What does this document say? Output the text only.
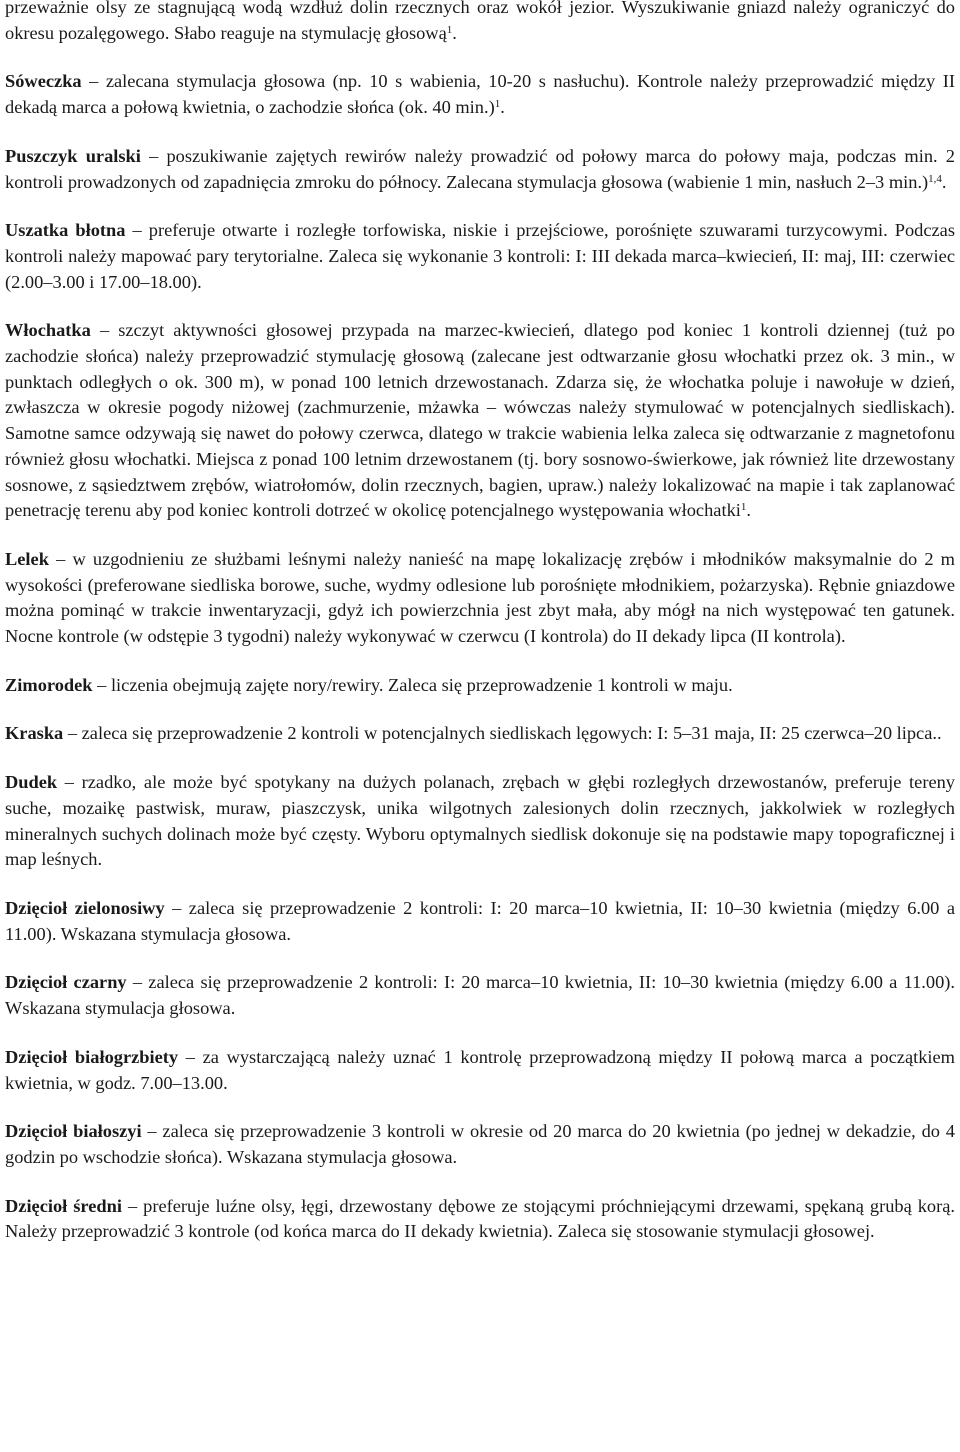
przeważnie olsy ze stagnującą wodą wzdłuż dolin rzecznych oraz wokół jezior. Wyszukiwanie gniazd należy ograniczyć do okresu pozalęgowego. Słabo reaguje na stymulację głosową$^1$.

Sóweczka – zalecana stymulacja głosowa (np. 10 s wabienia, 10-20 s nasłuchu). Kontrole należy przeprowadzić między II dekadą marca a połową kwietnia, o zachodzie słońca (ok. 40 min.)$^1$.

Puszczyk uralski – poszukiwanie zajętych rewirów należy prowadzić od połowy marca do połowy maja, podczas min. 2 kontroli prowadzonych od zapadnięcia zmroku do północy. Zalecana stymulacja głosowa (wabienie 1 min, nasłuch 2–3 min.)$^{1,4}$.

Uszatka błotna – preferuje otwarte i rozległe torfowiska, niskie i przejściowe, porośnięte szuwarami turzycowymi. Podczas kontroli należy mapować pary terytorialne. Zaleca się wykonanie 3 kontroli: I: III dekada marca–kwiecień, II: maj, III: czerwiec (2.00–3.00 i 17.00–18.00).

Włochatka – szczyt aktywności głosowej przypada na marzec-kwiecień, dlatego pod koniec 1 kontroli dziennej (tuż po zachodzie słońca) należy przeprowadzić stymulację głosową (zalecane jest odtwarzanie głosu włochatki przez ok. 3 min., w punktach odległych o ok. 300 m), w ponad 100 letnich drzewostanach. Zdarza się, że włochatka poluje i nawołuje w dzień, zwłaszcza w okresie pogody niżowej (zachmurzenie, mżawka – wówczas należy stymulować w potencjalnych siedliskach). Samotne samce odzywają się nawet do połowy czerwca, dlatego w trakcie wabienia lelka zaleca się odtwarzanie z magnetofonu również głosu włochatki. Miejsca z ponad 100 letnim drzewostanem (tj. bory sosnowo-świerkowe, jak również lite drzewostany sosnowe, z sąsiedztwem zrębów, wiatrołomów, dolin rzecznych, bagien, upraw.) należy lokalizować na mapie i tak zaplanować penetrację terenu aby pod koniec kontroli dotrzeć w okolicę potencjalnego występowania włochatki$^1$.

Lelek – w uzgodnieniu ze służbami leśnymi należy nanieść na mapę lokalizację zrębów i młodników maksymalnie do 2 m wysokości (preferowane siedliska borowe, suche, wydmy odlesione lub porośnięte młodnikiem, pożarzyska). Rębnie gniazdowe można pominąć w trakcie inwentaryzacji, gdyż ich powierzchnia jest zbyt mała, aby mógł na nich występować ten gatunek. Nocne kontrole (w odstępie 3 tygodni) należy wykonywać w czerwcu (I kontrola) do II dekady lipca (II kontrola).

Zimorodek – liczenia obejmują zajęte nory/rewiry. Zaleca się przeprowadzenie 1 kontroli w maju.

Kraska – zaleca się przeprowadzenie 2 kontroli w potencjalnych siedliskach lęgowych: I: 5–31 maja, II: 25 czerwca–20 lipca..

Dudek – rzadko, ale może być spotykany na dużych polanach, zrębach w głębi rozległych drzewostanów, preferuje tereny suche, mozaikę pastwisk, muraw, piaszczysk, unika wilgotnych zalesionych dolin rzecznych, jakkolwiek w rozległych mineralnych suchych dolinach może być częsty. Wyboru optymalnych siedlisk dokonuje się na podstawie mapy topograficznej i map leśnych.

Dzięcioł zielonosiwy – zaleca się przeprowadzenie 2 kontroli: I: 20 marca–10 kwietnia, II: 10–30 kwietnia (między 6.00 a 11.00). Wskazana stymulacja głosowa.

Dzięcioł czarny – zaleca się przeprowadzenie 2 kontroli: I: 20 marca–10 kwietnia, II: 10–30 kwietnia (między 6.00 a 11.00). Wskazana stymulacja głosowa.

Dzięcioł białogrzbiety – za wystarczającą należy uznać 1 kontrolę przeprowadzoną między II połową marca a początkiem kwietnia, w godz. 7.00–13.00.

Dzięcioł białoszyi – zaleca się przeprowadzenie 3 kontroli w okresie od 20 marca do 20 kwietnia (po jednej w dekadzie, do 4 godzin po wschodzie słońca). Wskazana stymulacja głosowa.

Dzięcioł średni – preferuje luźne olsy, łęgi, drzewostany dębowe ze stojącymi próchniejącymi drzewami, spękaną grubą korą. Należy przeprowadzić 3 kontrole (od końca marca do II dekady kwietnia). Zaleca się stosowanie stymulacji głosowej.
